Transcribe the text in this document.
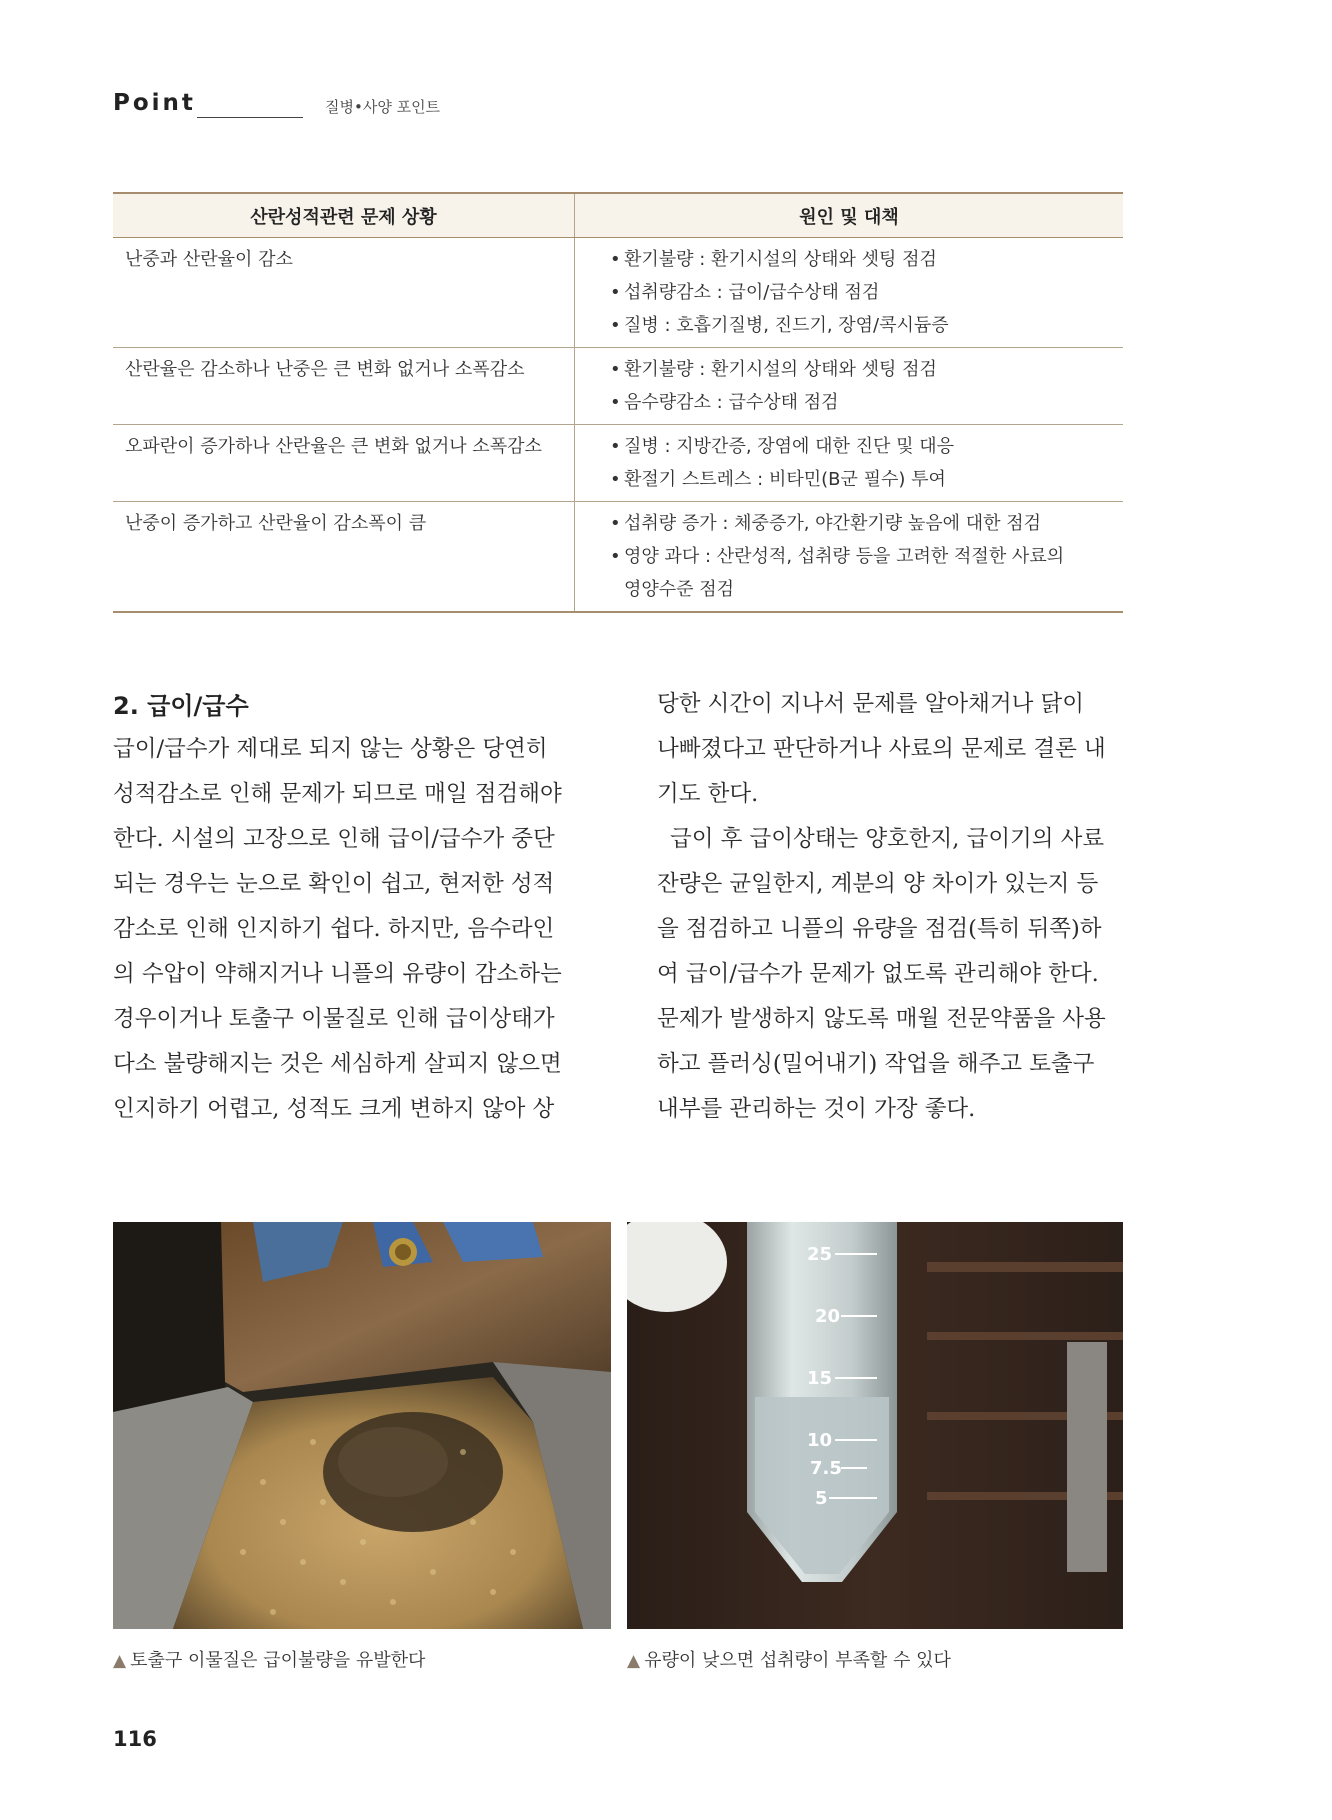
Point	질병•사양 포인트
산란성적관련 문제 상황	원인 및 대책
난중과 산란율이 감소	• 환기불량 : 환기시설의 상태와 셋팅 점검
• 섭취량감소 : 급이/급수상태 점검
• 질병 : 호흡기질병, 진드기, 장염/콕시듐증

산란율은 감소하나 난중은 큰 변화 없거나 소폭감소	• 환기불량 : 환기시설의 상태와 셋팅 점검
• 음수량감소 : 급수상태 점검

오파란이 증가하나 산란율은 큰 변화 없거나 소폭감소	• 질병 : 지방간증, 장염에 대한 진단 및 대응
• 환절기 스트레스 : 비타민(B군 필수) 투여

난중이 증가하고 산란율이 감소폭이 큼	• 섭취량 증가 : 체중증가, 야간환기량 높음에 대한 점검
• 영양 과다 : 산란성적, 섭취량 등을 고려한 적절한 사료의
영양수준 점검
2. 급이/급수

급이/급수가 제대로 되지 않는 상황은 당연히

성적감소로 인해 문제가 되므로 매일 점검해야

한다. 시설의 고장으로 인해 급이/급수가 중단

되는 경우는 눈으로 확인이 쉽고, 현저한 성적

감소로 인해 인지하기 쉽다. 하지만, 음수라인

의 수압이 약해지거나 니플의 유량이 감소하는

경우이거나 토출구 이물질로 인해 급이상태가

다소 불량해지는 것은 세심하게 살피지 않으면

인지하기 어렵고, 성적도 크게 변하지 않아 상

당한 시간이 지나서 문제를 알아채거나 닭이

나빠졌다고 판단하거나 사료의 문제로 결론 내

기도 한다.

급이 후 급이상태는 양호한지, 급이기의 사료

잔량은 균일한지, 계분의 양 차이가 있는지 등

을 점검하고 니플의 유량을 점검(특히 뒤쪽)하

여 급이/급수가 문제가 없도록 관리해야 한다.

문제가 발생하지 않도록 매월 전문약품을 사용

하고 플러싱(밀어내기) 작업을 해주고 토출구

내부를 관리하는 것이 가장 좋다.

25
20
15
10
7.5
5
▲ 토출구 이물질은 급이불량을 유발한다	▲ 유량이 낮으면 섭취량이 부족할 수 있다
116
